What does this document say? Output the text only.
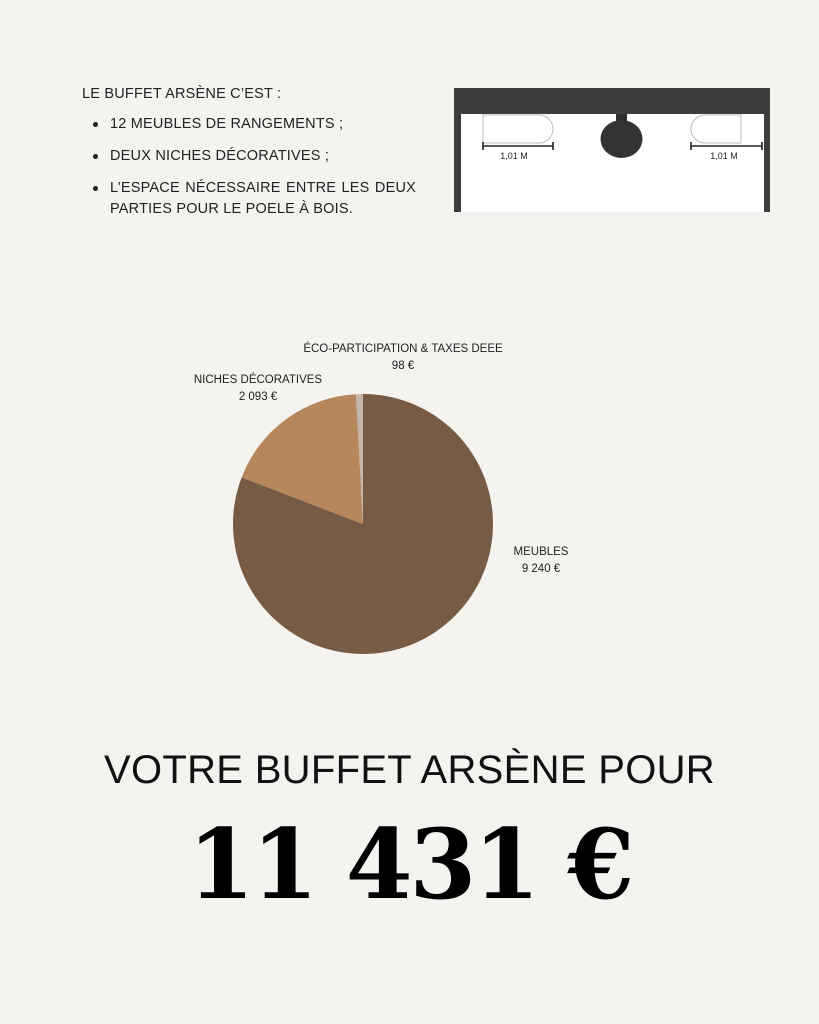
LE BUFFET ARSÈNE C’EST :

12 MEUBLES DE RANGEMENTS ;
DEUX NICHES DÉCORATIVES ;
L’ESPACE NÉCESSAIRE ENTRE LES DEUX PARTIES POUR LE POELE À BOIS.
1,01 M	1,01 M
ÉCO-PARTICIPATION & TAXES DEEE
98 €
NICHES DÉCORATIVES
2 093 €
MEUBLES
9 240 €
VOTRE BUFFET ARSÈNE POUR
11 431 €
